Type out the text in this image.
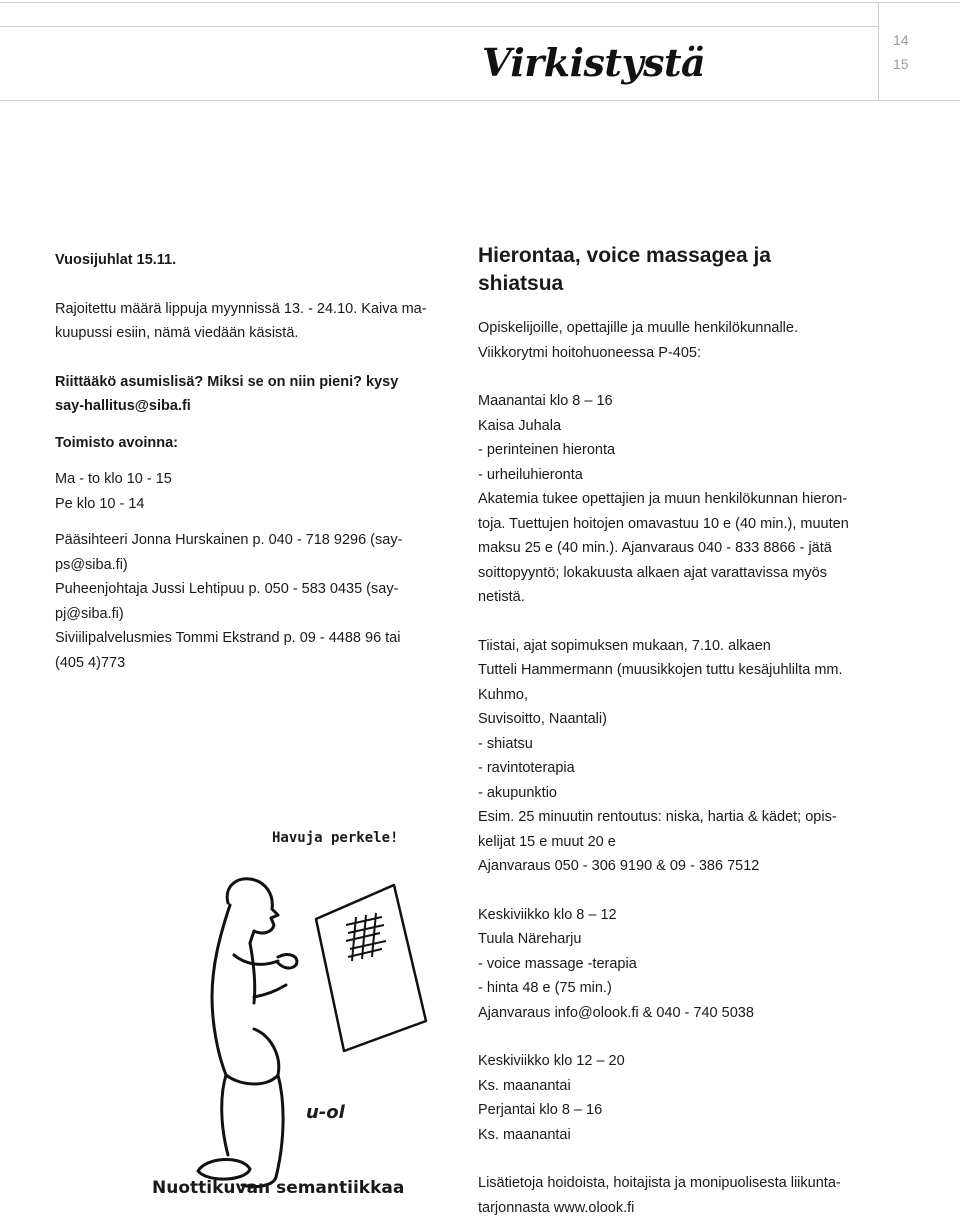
Virkistystä	14
15
Vuosijuhlat 15.11.
Rajoitettu määrä lippuja myynnissä 13. - 24.10. Kaiva ma-
kuupussi esiin, nämä viedään käsistä.
Riittääkö asumislisä? Miksi se on niin pieni? kysy
say-hallitus@siba.fi
Toimisto avoinna:
Ma - to klo 10 - 15
Pe klo 10 - 14
Pääsihteeri Jonna Hurskainen p. 040 - 718 9296 (say-
ps@siba.fi)
Puheenjohtaja Jussi Lehtipuu p. 050 - 583 0435 (say-
pj@siba.fi)
Siviilipalvelusmies Tommi Ekstrand p. 09 - 4488 96 tai
(405 4)773
Hierontaa, voice massagea ja
shiatsua
Opiskelijoille, opettajille ja muulle henkilökunnalle.
Viikkorytmi hoitohuoneessa P-405:
Maanantai klo 8 – 16
Kaisa Juhala
- perinteinen hieronta
- urheiluhieronta
Akatemia tukee opettajien ja muun henkilökunnan hieron-
toja. Tuettujen hoitojen omavastuu 10 e (40 min.), muuten
maksu 25 e (40 min.). Ajanvaraus 040 - 833 8866 - jätä
soittopyyntö; lokakuusta alkaen ajat varattavissa myös
netistä.
Tiistai, ajat sopimuksen mukaan, 7.10. alkaen
Tutteli Hammermann (muusikkojen tuttu kesäjuhlilta mm.
Kuhmo,
Suvisoitto, Naantali)
- shiatsu
- ravintoterapia
- akupunktio
Esim. 25 minuutin rentoutus: niska, hartia & kädet; opis-
kelijat 15 e muut 20 e
Ajanvaraus 050 - 306 9190 & 09 - 386 7512
Keskiviikko klo 8 – 12
Tuula Näreharju
- voice massage -terapia
- hinta 48 e (75 min.)
Ajanvaraus info@olook.fi & 040 - 740 5038
Keskiviikko klo 12 – 20
Ks. maanantai
Perjantai klo 8 – 16
Ks. maanantai
Lisätietoja hoidoista, hoitajista ja monipuolisesta liikunta-
tarjonnasta www.olook.fi
Havuja perkele!
u-ol
Nuottikuvan semantiikkaa
